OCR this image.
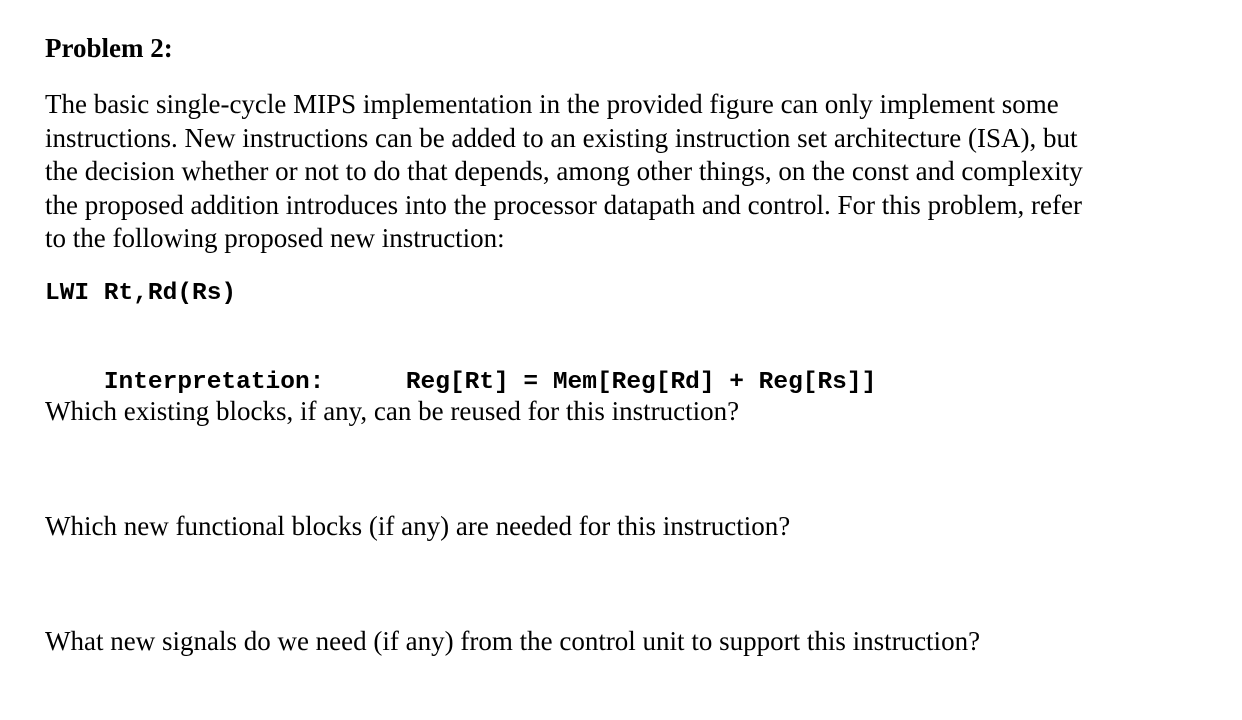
Problem 2:
The basic single-cycle MIPS implementation in the provided figure can only implement some
instructions. New instructions can be added to an existing instruction set architecture (ISA), but
the decision whether or not to do that depends, among other things, on the const and complexity
the proposed addition introduces into the processor datapath and control. For this problem, refer
to the following proposed new instruction:
LWI Rt,Rd(Rs)

Interpretation:	Reg[Rt] = Mem[Reg[Rd] + Reg[Rs]]

Which existing blocks, if any, can be reused for this instruction?
Which new functional blocks (if any) are needed for this instruction?
What new signals do we need (if any) from the control unit to support this instruction?
